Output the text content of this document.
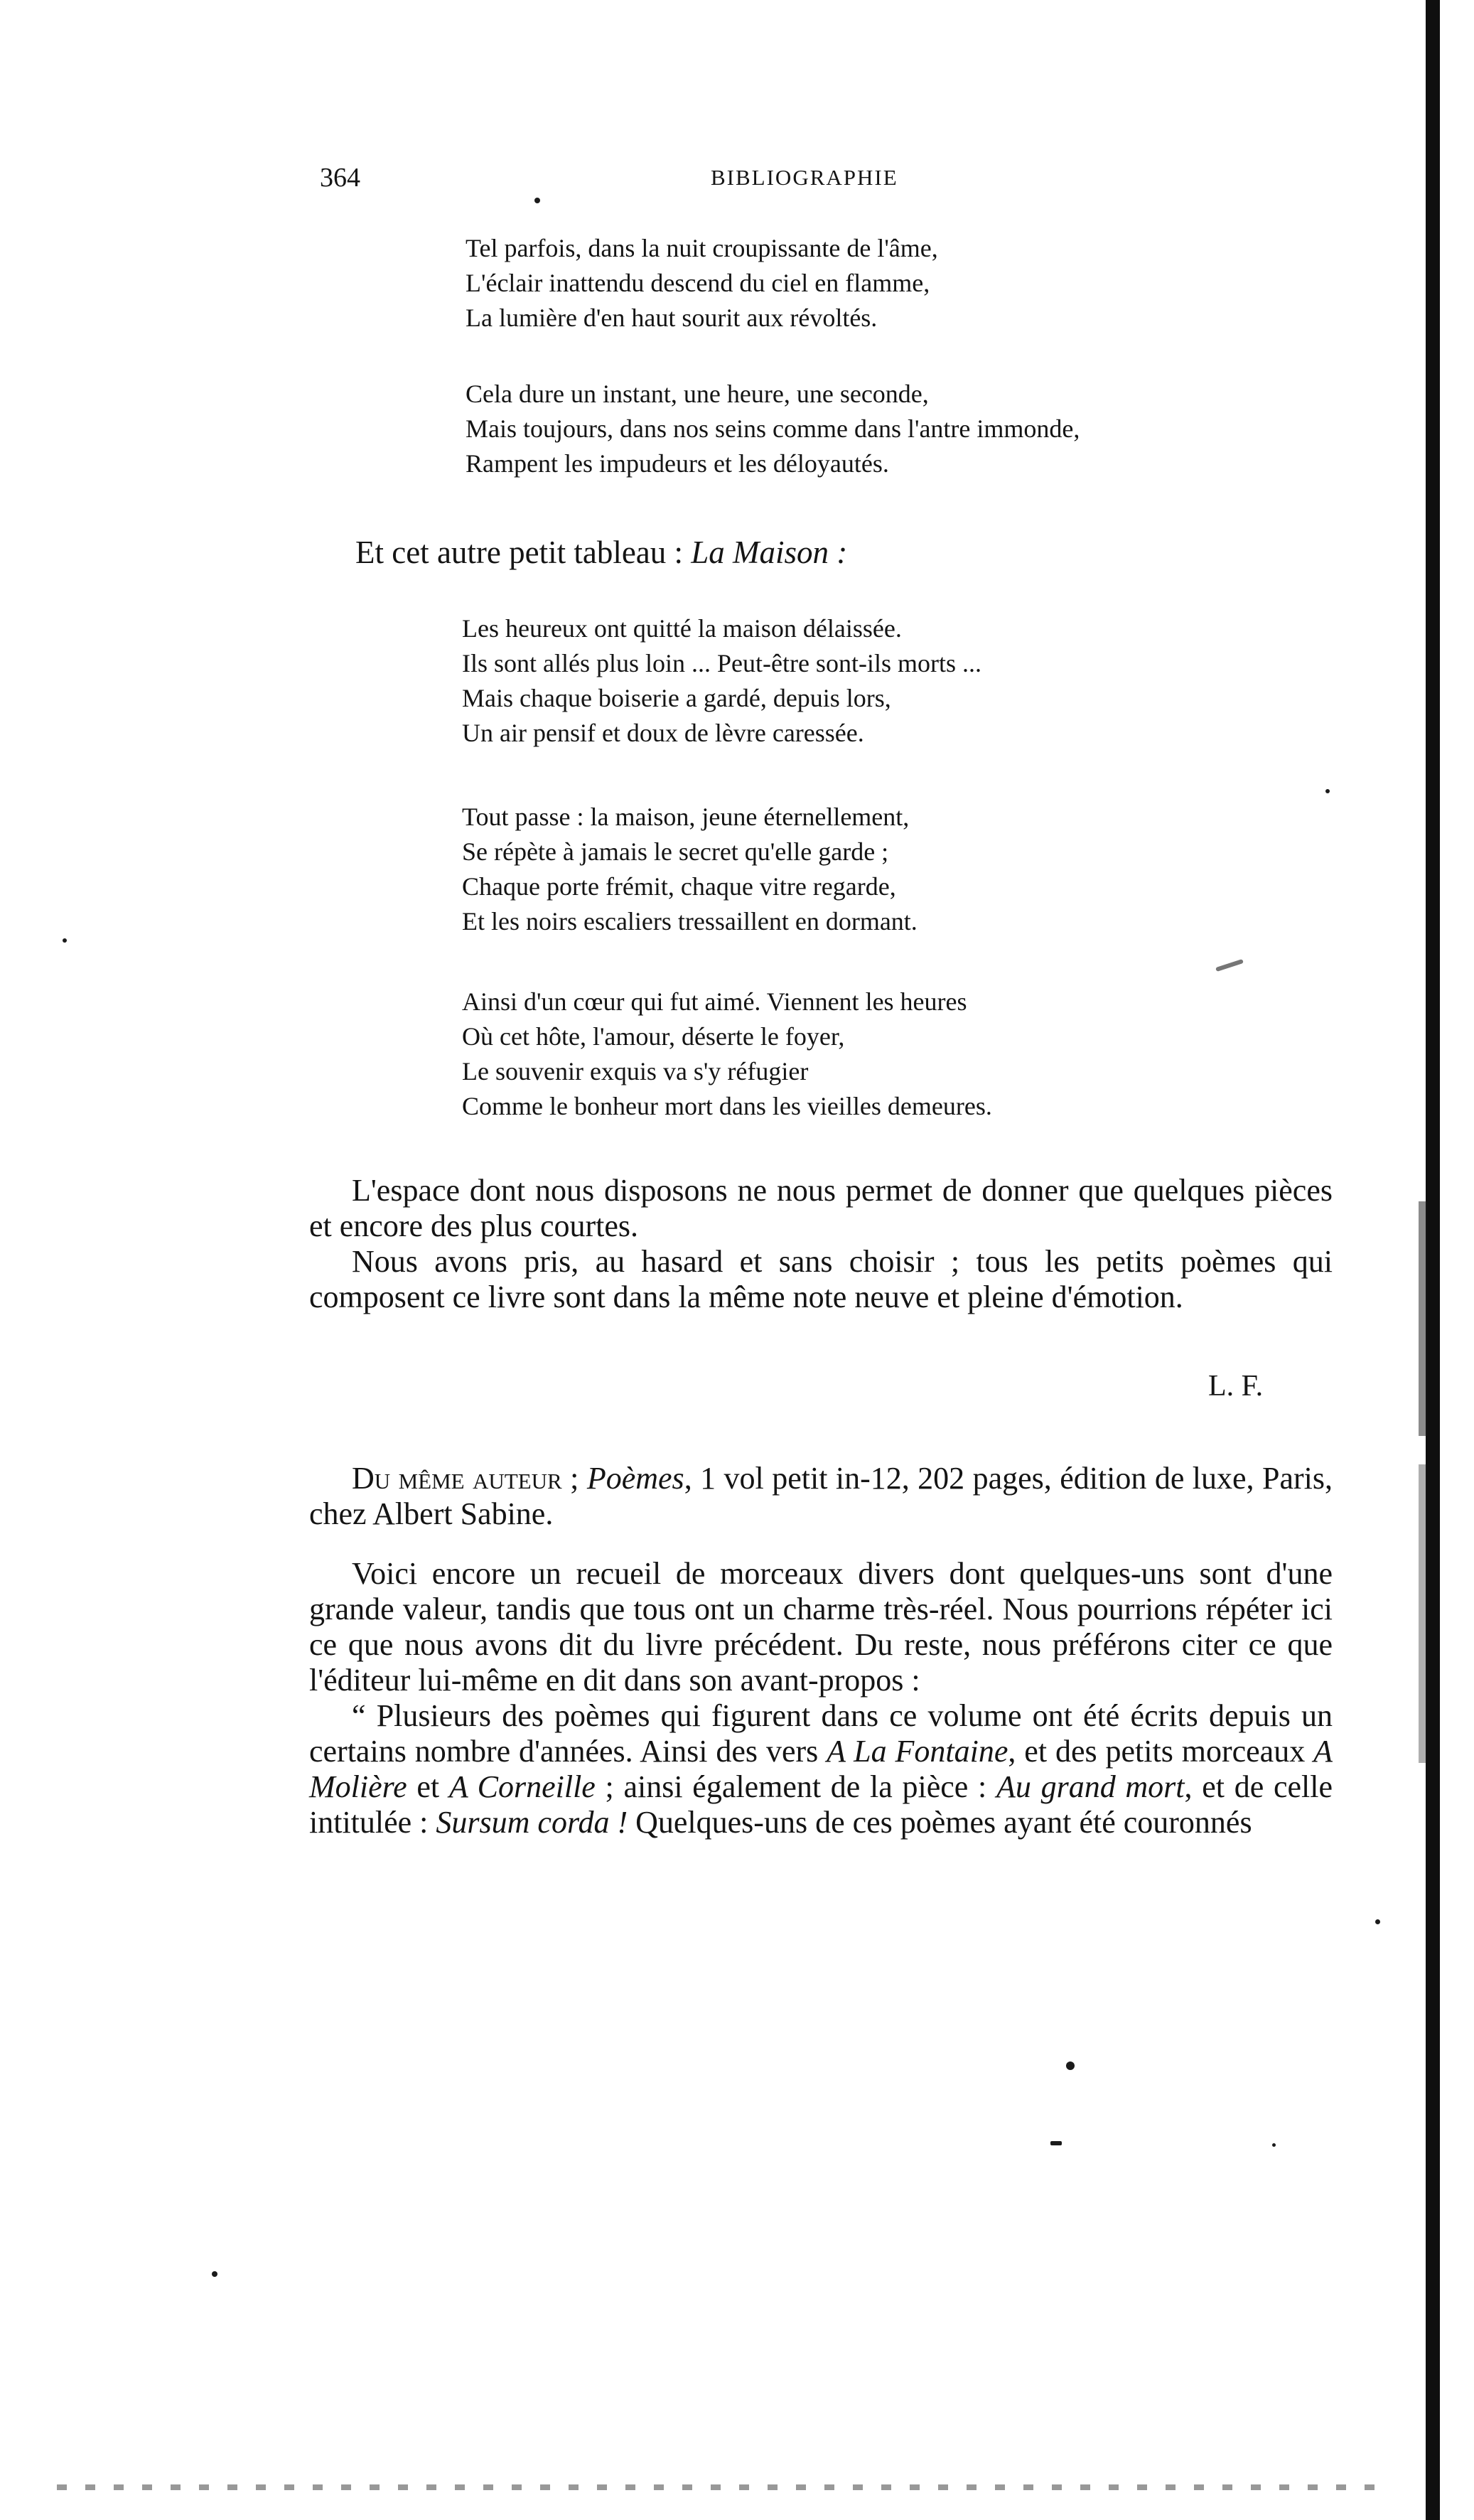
364	BIBLIOGRAPHIE
Tel parfois, dans la nuit croupissante de l'âme,
L'éclair inattendu descend du ciel en flamme,
La lumière d'en haut sourit aux révoltés.
Cela dure un instant, une heure, une seconde,
Mais toujours, dans nos seins comme dans l'antre immonde,
Rampent les impudeurs et les déloyautés.
Et cet autre petit tableau : La Maison :
Les heureux ont quitté la maison délaissée.
Ils sont allés plus loin ... Peut-être sont-ils morts ...
Mais chaque boiserie a gardé, depuis lors,
Un air pensif et doux de lèvre caressée.
Tout passe : la maison, jeune éternellement,
Se répète à jamais le secret qu'elle garde ;
Chaque porte frémit, chaque vitre regarde,
Et les noirs escaliers tressaillent en dormant.
Ainsi d'un cœur qui fut aimé. Viennent les heures
Où cet hôte, l'amour, déserte le foyer,
Le souvenir exquis va s'y réfugier
Comme le bonheur mort dans les vieilles demeures.

L'espace dont nous disposons ne nous permet de donner que quelques pièces et encore des plus courtes.

Nous avons pris, au hasard et sans choisir ; tous les petits poèmes qui composent ce livre sont dans la même note neuve et pleine d'émotion.

L. F.

Du même auteur ; Poèmes, 1 vol petit in-12, 202 pages, édition de luxe, Paris, chez Albert Sabine.

Voici encore un recueil de morceaux divers dont quelques-uns sont d'une grande valeur, tandis que tous ont un charme très-réel. Nous pourrions répéter ici ce que nous avons dit du livre précédent. Du reste, nous préférons citer ce que l'éditeur lui-même en dit dans son avant-propos :

“ Plusieurs des poèmes qui figurent dans ce volume ont été écrits depuis un certains nombre d'années. Ainsi des vers A La Fontaine, et des petits morceaux A Molière et A Corneille ; ainsi également de la pièce : Au grand mort, et de celle intitulée : Sursum corda ! Quelques-uns de ces poèmes ayant été couronnés
